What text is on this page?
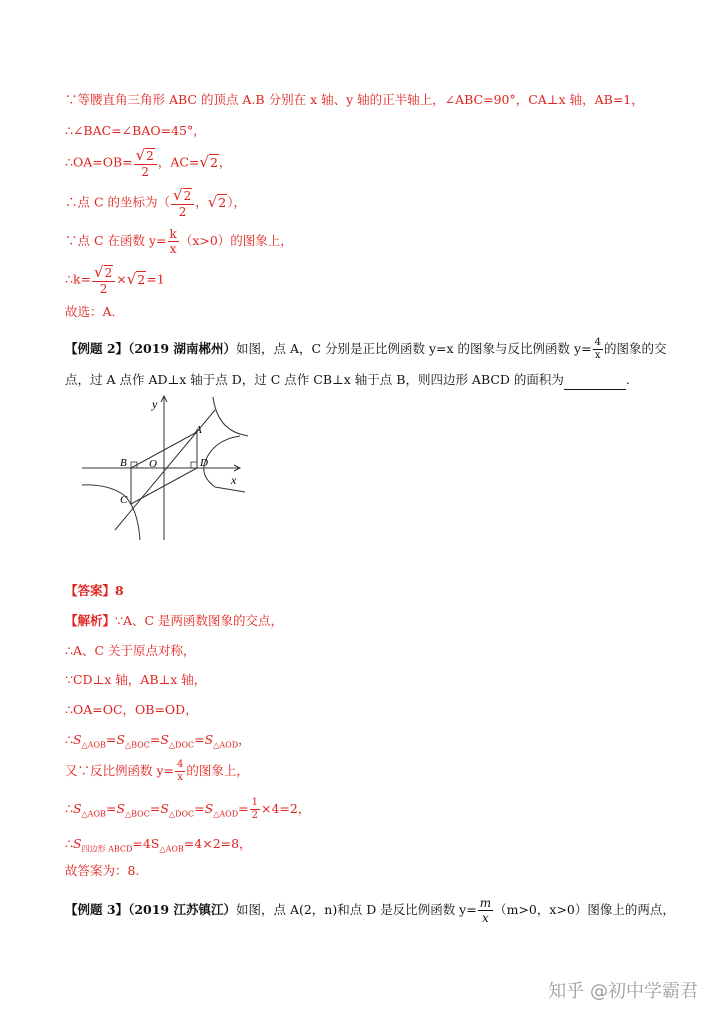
∵等腰直角三角形 ABC 的顶点 A.B 分别在 x 轴、y 轴的正半轴上，∠ABC=90°，CA⊥x 轴，AB=1，
∴∠BAC=∠BAO=45°，
∴OA=OB= $\frac{√2}{2}$ ，AC=√2，
∴点 C 的坐标为（ $\frac{√2}{2}$ ，√2），
∵点 C 在函数 $y= \frac{k}{x} (x>0)$的图象上，
∴k= $\frac{√2}{2} \times√2=1$
故选：A.
【例题 2】（2019 湖南郴州）如图，点 A，C 分别是正比例函数 y=x 的图象与反比例函数 $y= \frac{4}{x}$ 的图象的交
点，过 A 点作 AD⊥x 轴于点 D，过 C 点作 CB⊥x 轴于点 B，则四边形 ABCD 的面积为	.
y
x
A
B O	D
C
【答案】8
【解析】∵A、C 是两函数图象的交点，
∴A、C 关于原点对称，
∵CD⊥x 轴，AB⊥x 轴，
∴OA=OC，OB=OD，
$\therefore S_{\triangle AOB}=S_{\triangle BOC}=S_{\triangle DOC}=S_{\triangle AOD}$，
又∵反比例函数 $y= \frac{4}{x}$ 的图象上，
$\therefore S_{\triangle AOB}=S_{\triangle BOC}=S_{\triangle DOC}=S_{\triangle AOD}= \frac{1}{2} \times 4=2$，
$\therefore S_{四边形 ABCD}=4S_{\triangle AOB}=4\times 2=8$，
故答案为：8.
【例题 3】（2019 江苏镇江）如图，点 A(2，n)和点 D 是反比例函数 $y= \frac{m}{x} (m>0$，x>0）图像上的两点，
知乎 @初中学霸君
